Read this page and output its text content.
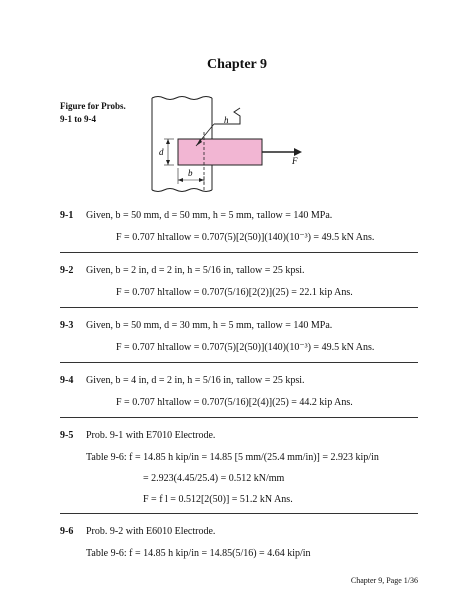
Chapter 9
Figure for Probs.
9-1 to 9-4	h
F
d
b
9-1 Given, b = 50 mm, d = 50 mm, h = 5 mm, τallow = 140 MPa.
F = 0.707 hlτallow = 0.707(5)[2(50)](140)(10⁻³) = 49.5 kN Ans.
9-2 Given, b = 2 in, d = 2 in, h = 5/16 in, τallow = 25 kpsi.
F = 0.707 hlτallow = 0.707(5/16)[2(2)](25) = 22.1 kip Ans.
9-3 Given, b = 50 mm, d = 30 mm, h = 5 mm, τallow = 140 MPa.
F = 0.707 hlτallow = 0.707(5)[2(50)](140)(10⁻³) = 49.5 kN Ans.
9-4 Given, b = 4 in, d = 2 in, h = 5/16 in, τallow = 25 kpsi.
F = 0.707 hlτallow = 0.707(5/16)[2(4)](25) = 44.2 kip Ans.
9-5 Prob. 9-1 with E7010 Electrode.
Table 9-6: f = 14.85 h kip/in = 14.85 [5 mm/(25.4 mm/in)] = 2.923 kip/in
= 2.923(4.45/25.4) = 0.512 kN/mm
F = f l = 0.512[2(50)] = 51.2 kN Ans.
9-6 Prob. 9-2 with E6010 Electrode.
Table 9-6: f = 14.85 h kip/in = 14.85(5/16) = 4.64 kip/in
Chapter 9, Page 1/36
